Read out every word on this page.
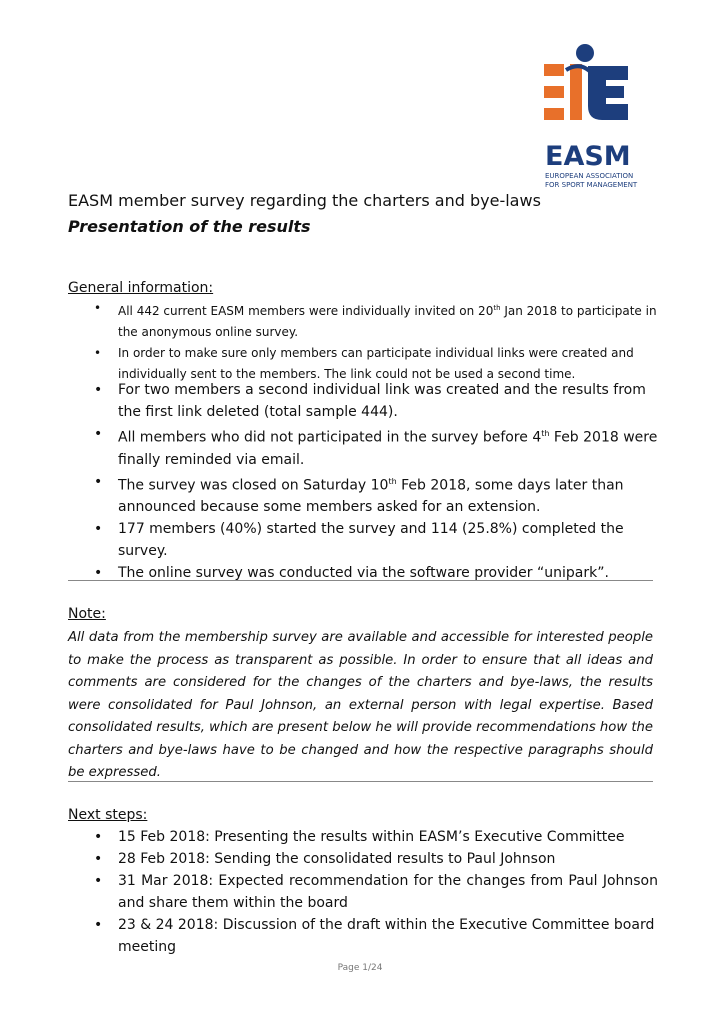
EASM
EUROPEAN ASSOCIATION
FOR SPORT MANAGEMENT
EASM member survey regarding the charters and bye-laws
Presentation of the results
General information:
• All 442 current EASM members were individually invited on 20th Jan 2018 to participate in the anonymous online survey.
• In order to make sure only members can participate individual links were created and individually sent to the members. The link could not be used a second time.
• For two members a second individual link was created and the results from the first link deleted (total sample 444).
• All members who did not participated in the survey before 4th Feb 2018 were finally reminded via email.
• The survey was closed on Saturday 10th Feb 2018, some days later than announced because some members asked for an extension.
• 177 members (40%) started the survey and 114 (25.8%) completed the survey.
• The online survey was conducted via the software provider “unipark”.
Note:
All data from the membership survey are available and accessible for interested people to make the process as transparent as possible. In order to ensure that all ideas and comments are considered for the changes of the charters and bye-laws, the results were consolidated for Paul Johnson, an external person with legal expertise. Based consolidated results, which are present below he will provide recommendations how the charters and bye-laws have to be changed and how the respective paragraphs should be expressed.
Next steps:
• 15 Feb 2018: Presenting the results within EASM’s Executive Committee
• 28 Feb 2018: Sending the consolidated results to Paul Johnson
• 31 Mar 2018: Expected recommendation for the changes from Paul Johnson and share them within the board
• 23 & 24 2018: Discussion of the draft within the Executive Committee board meeting
Page 1/24
